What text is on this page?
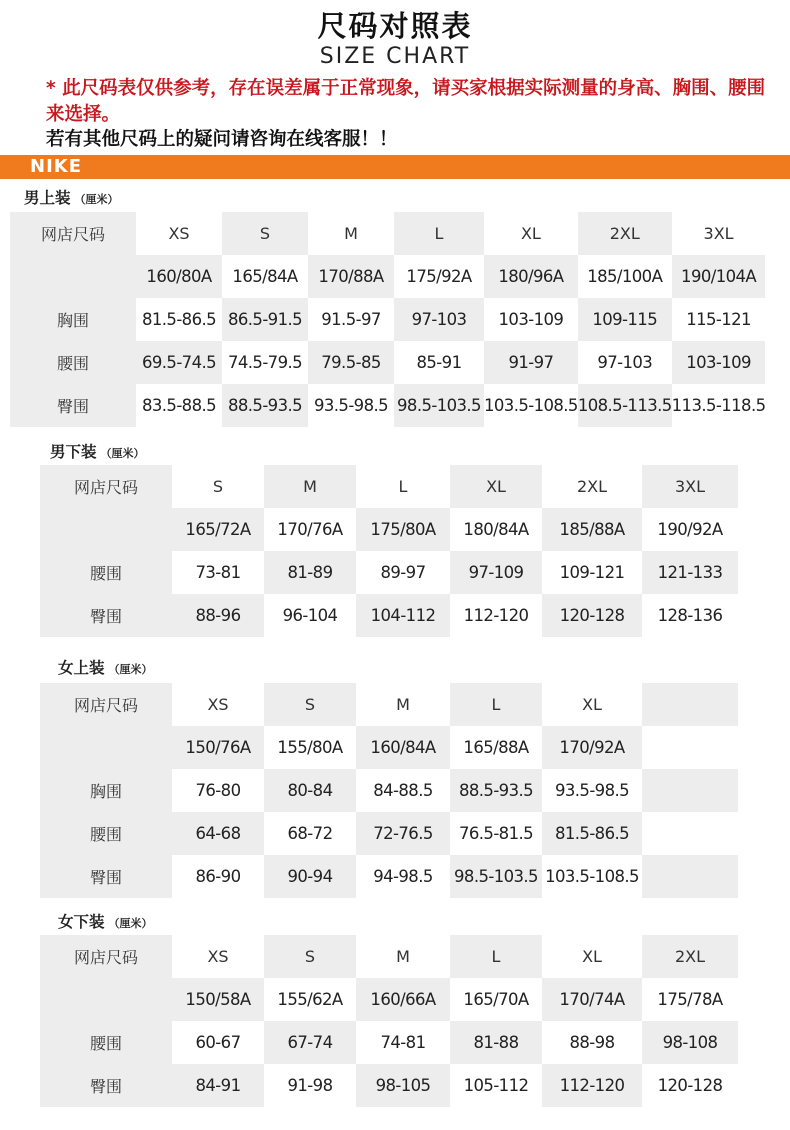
尺码对照表
SIZE CHART
* 此尺码表仅供参考，存在误差属于正常现象，请买家根据实际测量的身高、胸围、腰围来选择。
若有其他尺码上的疑问请咨询在线客服！！
NIKE
男上装 （厘米）
男下装 （厘米）
女上装 （厘米）
女下装 （厘米）
网店尺码	XS	S	M	L	XL	2XL	3XL
	160/80A	165/84A	170/88A	175/92A	180/96A	185/100A	190/104A
胸围	81.5-86.5	86.5-91.5	91.5-97	97-103	103-109	109-115	115-121
腰围	69.5-74.5	74.5-79.5	79.5-85	85-91	91-97	97-103	103-109
臀围	83.5-88.5	88.5-93.5	93.5-98.5	98.5-103.5	103.5-108.5	108.5-113.5	113.5-118.5
网店尺码	S	M	L	XL	2XL	3XL
	165/72A	170/76A	175/80A	180/84A	185/88A	190/92A
腰围	73-81	81-89	89-97	97-109	109-121	121-133
臀围	88-96	96-104	104-112	112-120	120-128	128-136
网店尺码	XS	S	M	L	XL	
	150/76A	155/80A	160/84A	165/88A	170/92A	
胸围	76-80	80-84	84-88.5	88.5-93.5	93.5-98.5	
腰围	64-68	68-72	72-76.5	76.5-81.5	81.5-86.5	
臀围	86-90	90-94	94-98.5	98.5-103.5	103.5-108.5	
网店尺码	XS	S	M	L	XL	2XL
	150/58A	155/62A	160/66A	165/70A	170/74A	175/78A
腰围	60-67	67-74	74-81	81-88	88-98	98-108
臀围	84-91	91-98	98-105	105-112	112-120	120-128
